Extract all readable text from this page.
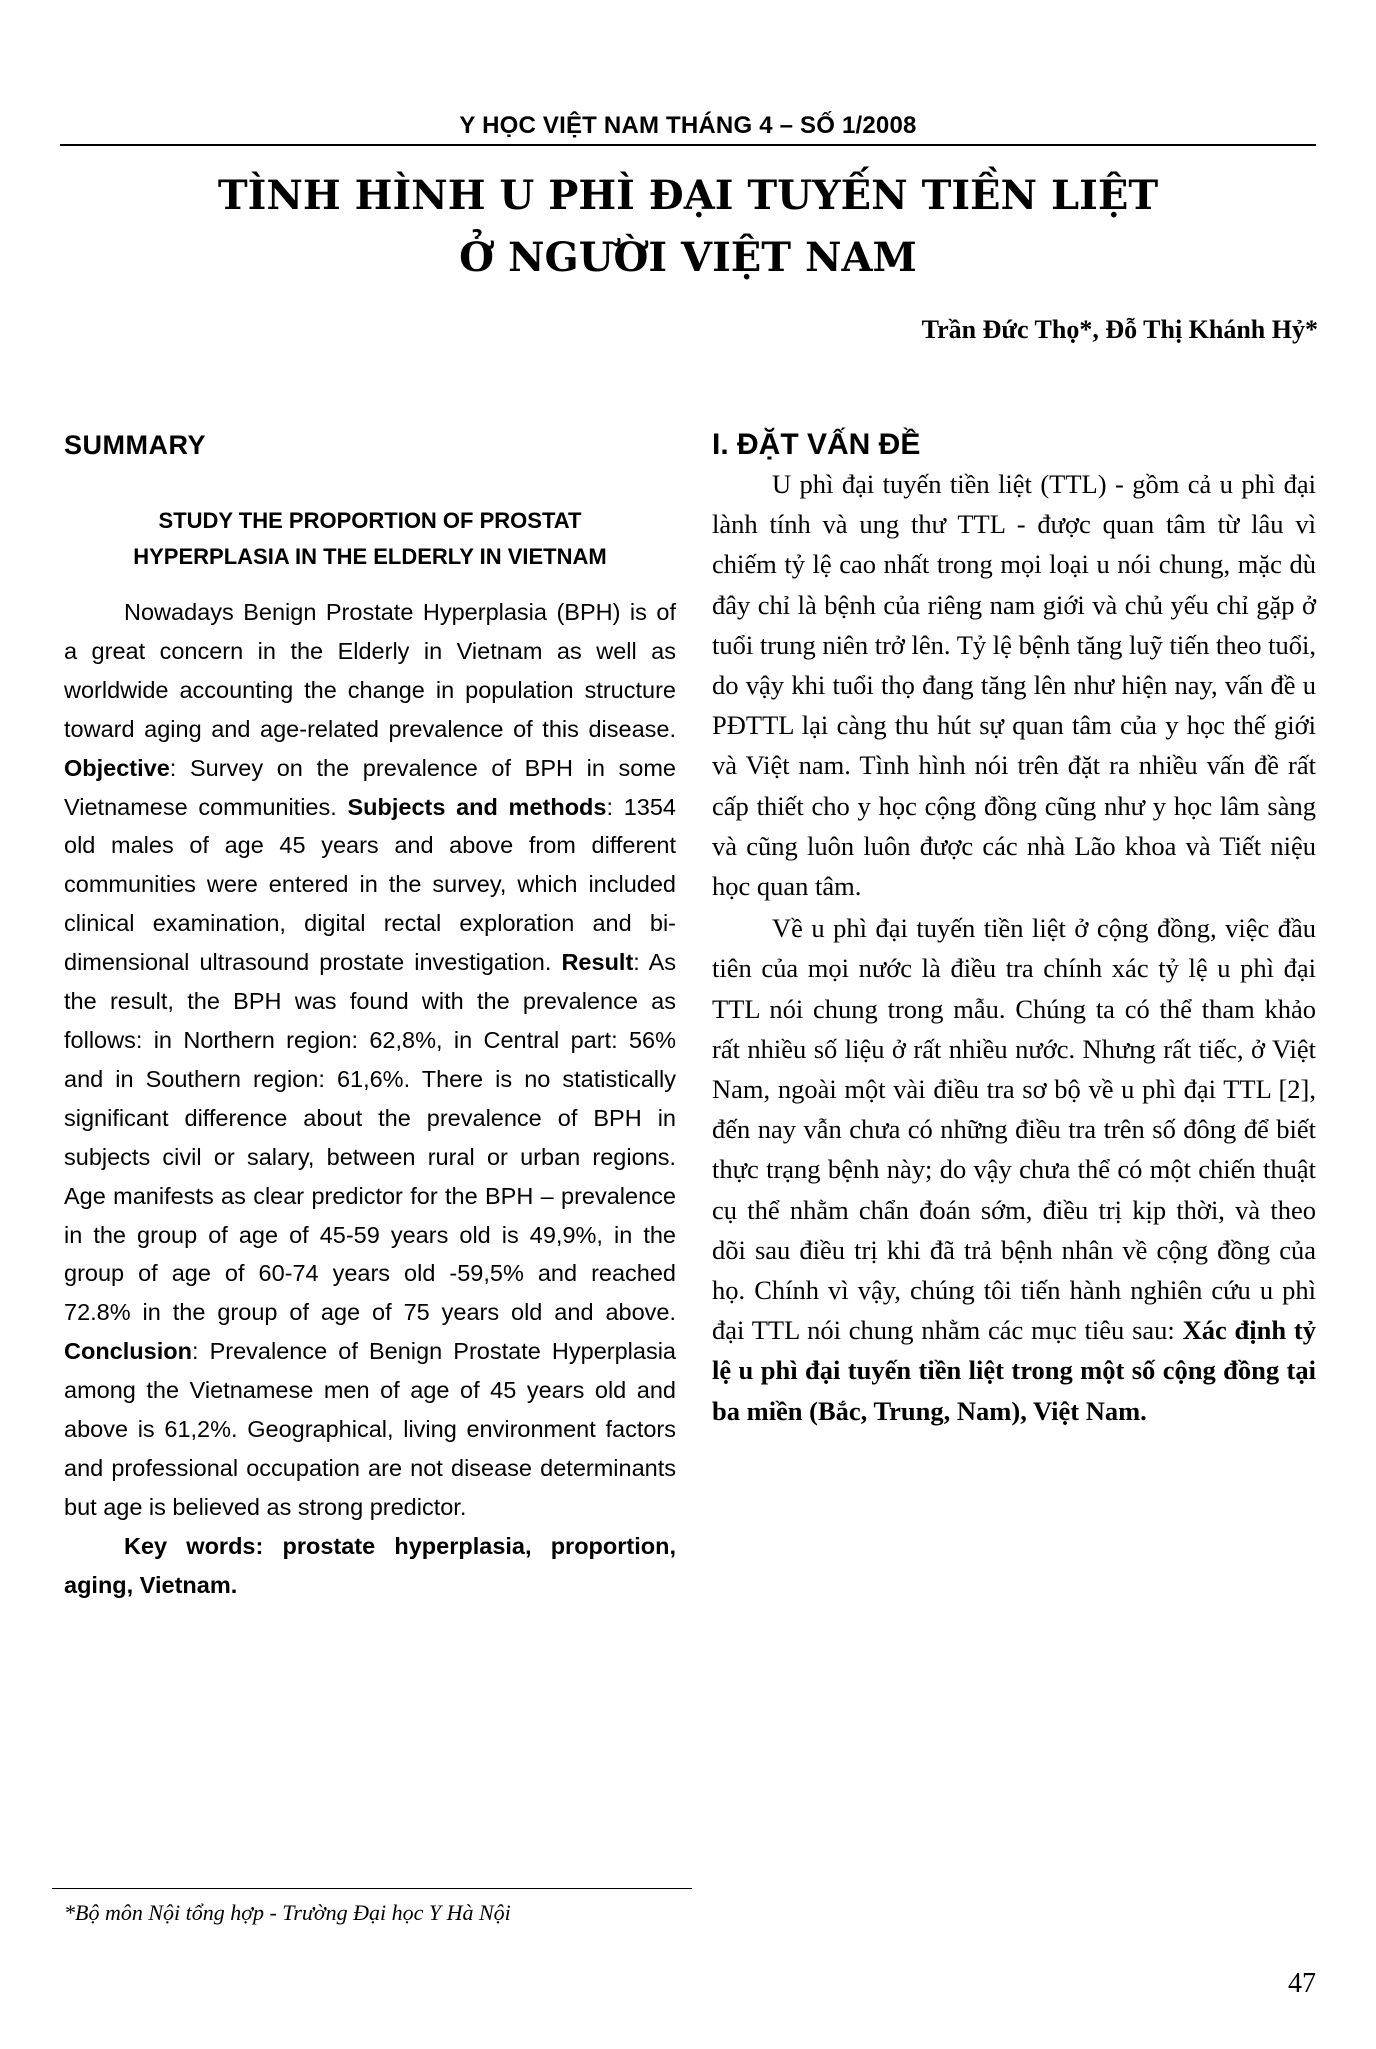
Y HỌC VIỆT NAM THÁNG 4 – SỐ 1/2008
TÌNH HÌNH U PHÌ ĐẠI TUYẾN TIỀN LIỆT
Ở NGƯỜI VIỆT NAM
Trần Đức Thọ*, Đỗ Thị Khánh Hỷ*
SUMMARY
STUDY THE PROPORTION OF PROSTAT
HYPERPLASIA IN THE ELDERLY IN VIETNAM

Nowadays Benign Prostate Hyperplasia (BPH) is of a great concern in the Elderly in Vietnam as well as worldwide accounting the change in population structure toward aging and age-related prevalence of this disease. Objective: Survey on the prevalence of BPH in some Vietnamese communities. Subjects and methods: 1354 old males of age 45 years and above from different communities were entered in the survey, which included clinical examination, digital rectal exploration and bi-dimensional ultrasound prostate investigation. Result: As the result, the BPH was found with the prevalence as follows: in Northern region: 62,8%, in Central part: 56% and in Southern region: 61,6%. There is no statistically significant difference about the prevalence of BPH in subjects civil or salary, between rural or urban regions. Age manifests as clear predictor for the BPH – prevalence in the group of age of 45-59 years old is 49,9%, in the group of age of 60-74 years old -59,5% and reached 72.8% in the group of age of 75 years old and above. Conclusion: Prevalence of Benign Prostate Hyperplasia among the Vietnamese men of age of 45 years old and above is 61,2%. Geographical, living environment factors and professional occupation are not disease determinants but age is believed as strong predictor.

Key words: prostate hyperplasia, proportion, aging, Vietnam.

I. ĐẶT VẤN ĐỀ

U phì đại tuyến tiền liệt (TTL) - gồm cả u phì đại lành tính và ung thư TTL - được quan tâm từ lâu vì chiếm tỷ lệ cao nhất trong mọi loại u nói chung, mặc dù đây chỉ là bệnh của riêng nam giới và chủ yếu chỉ gặp ở tuổi trung niên trở lên. Tỷ lệ bệnh tăng luỹ tiến theo tuổi, do vậy khi tuổi thọ đang tăng lên như hiện nay, vấn đề u PĐTTL lại càng thu hút sự quan tâm của y học thế giới và Việt nam. Tình hình nói trên đặt ra nhiều vấn đề rất cấp thiết cho y học cộng đồng cũng như y học lâm sàng và cũng luôn luôn được các nhà Lão khoa và Tiết niệu học quan tâm.

Về u phì đại tuyến tiền liệt ở cộng đồng, việc đầu tiên của mọi nước là điều tra chính xác tỷ lệ u phì đại TTL nói chung trong mẫu. Chúng ta có thể tham khảo rất nhiều số liệu ở rất nhiều nước. Nhưng rất tiếc, ở Việt Nam, ngoài một vài điều tra sơ bộ về u phì đại TTL [2], đến nay vẫn chưa có những điều tra trên số đông để biết thực trạng bệnh này; do vậy chưa thể có một chiến thuật cụ thể nhằm chẩn đoán sớm, điều trị kịp thời, và theo dõi sau điều trị khi đã trả bệnh nhân về cộng đồng của họ. Chính vì vậy, chúng tôi tiến hành nghiên cứu u phì đại TTL nói chung nhằm các mục tiêu sau: Xác định tỷ lệ u phì đại tuyến tiền liệt trong một số cộng đồng tại ba miền (Bắc, Trung, Nam), Việt Nam.

*Bộ môn Nội tổng hợp - Trường Đại học Y Hà Nội
47
